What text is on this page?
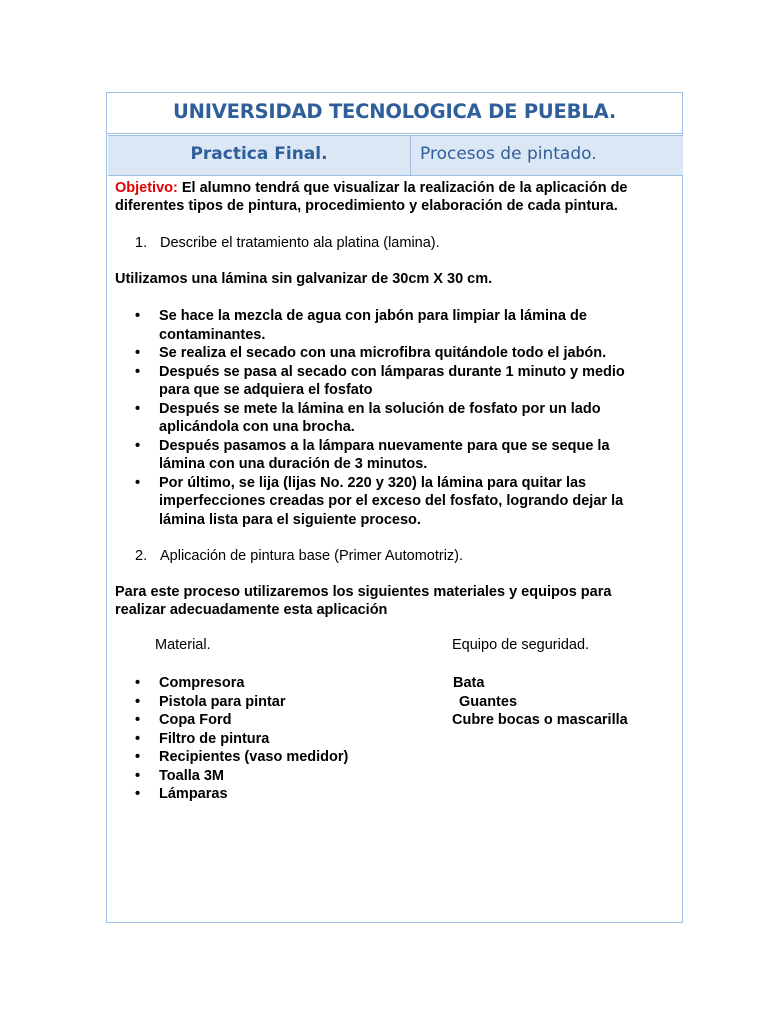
UNIVERSIDAD TECNOLOGICA DE PUEBLA.
Practica Final.	Procesos de pintado.

Objetivo: El alumno tendrá que visualizar la realización de la aplicación de

diferentes tipos de pintura, procedimiento y elaboración de cada pintura.

1. Describe el tratamiento ala platina (lamina).

Utilizamos una lámina sin galvanizar de 30cm X 30 cm.

• Se hace la mezcla de agua con jabón para limpiar la lámina de
contaminantes.
• Se realiza el secado con una microfibra quitándole todo el jabón.
• Después se pasa al secado con lámparas durante 1 minuto y medio
para que se adquiera el fosfato
• Después se mete la lámina en la solución de fosfato por un lado
aplicándola con una brocha.
• Después pasamos a la lámpara nuevamente para que se seque la
lámina con una duración de 3 minutos.
• Por último, se lija (lijas No. 220 y 320) la lámina para quitar las
imperfecciones creadas por el exceso del fosfato, logrando dejar la
lámina lista para el siguiente proceso.

2. Aplicación de pintura base (Primer Automotriz).

Para este proceso utilizaremos los siguientes materiales y equipos para

realizar adecuadamente esta aplicación

Material.

• Compresora
• Pistola para pintar
• Copa Ford
• Filtro de pintura
• Recipientes (vaso medidor)
• Toalla 3M
• Lámparas

Equipo de seguridad.

Bata
Guantes
Cubre bocas o mascarilla
